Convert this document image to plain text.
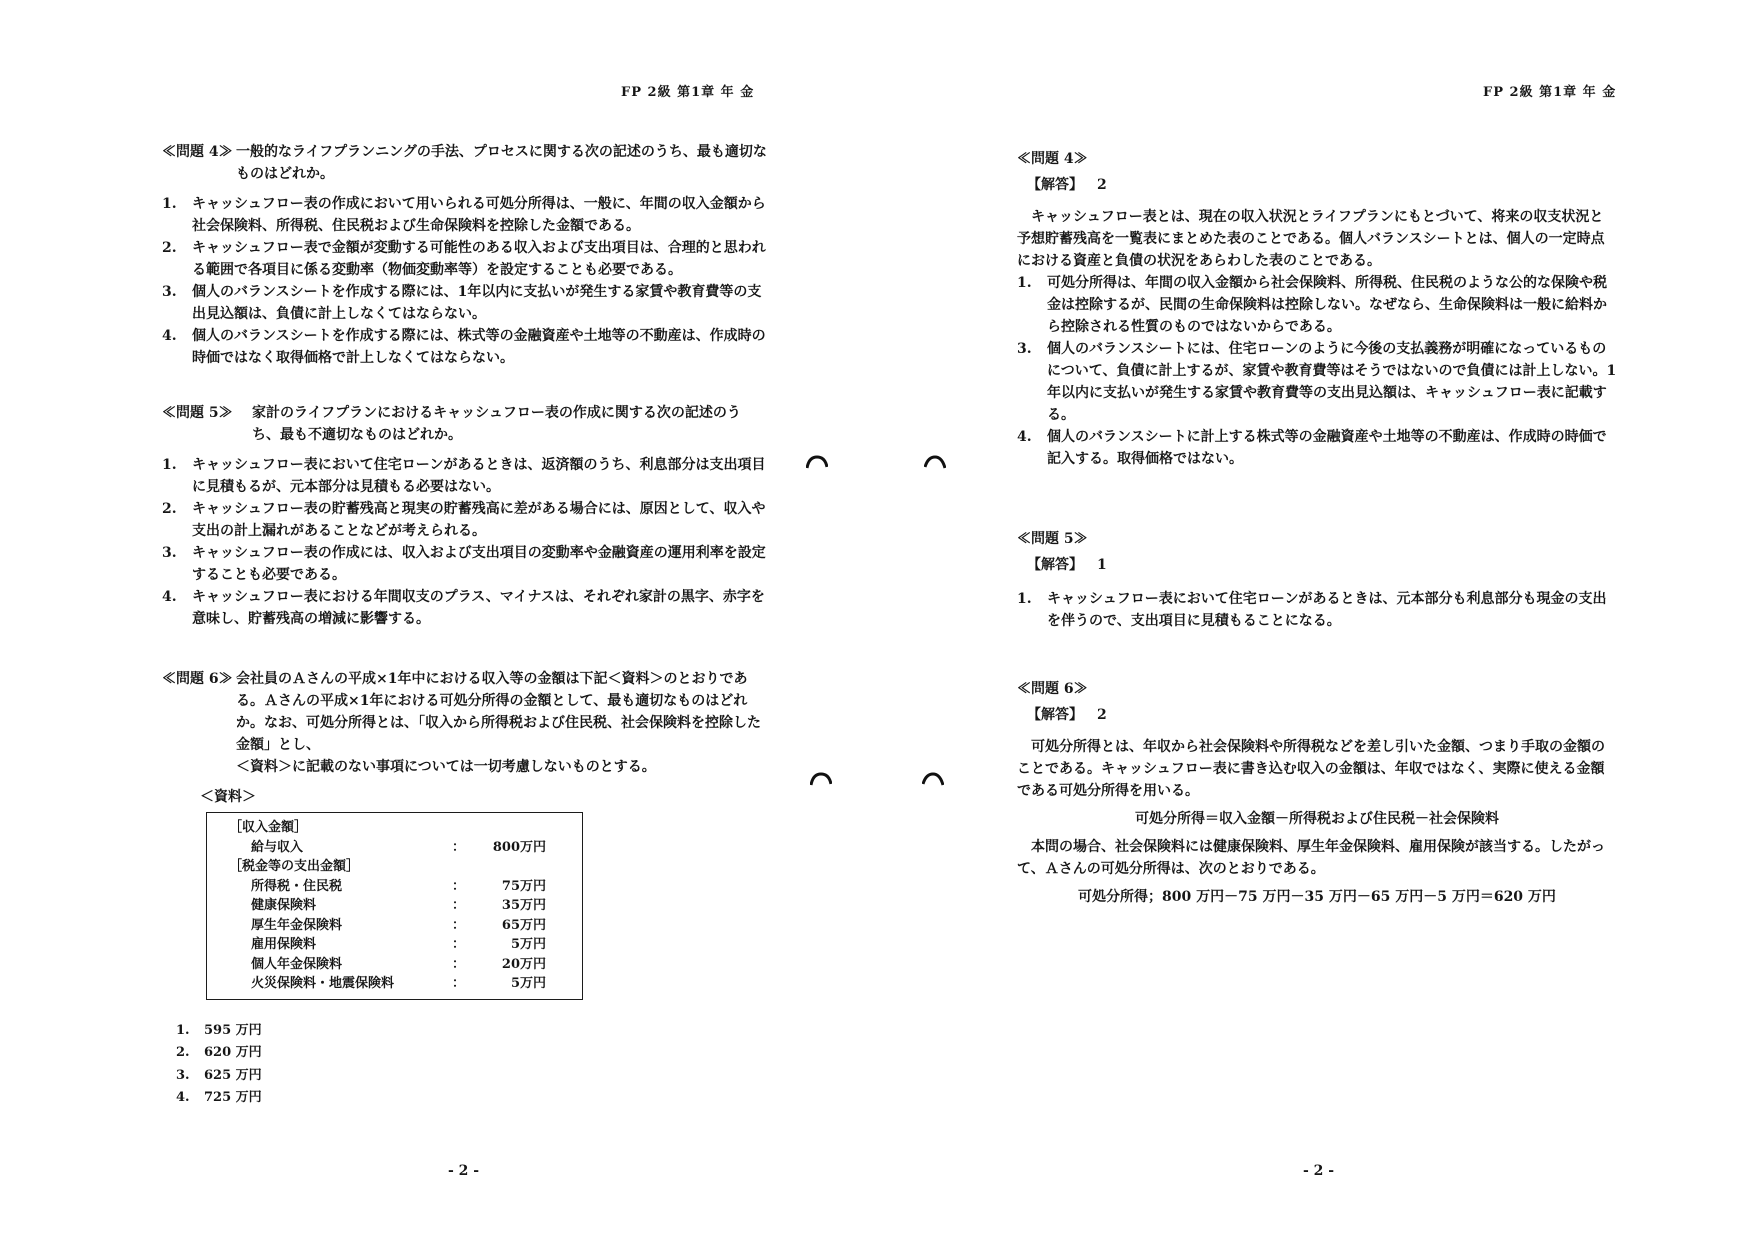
FP 2級 第1章 年 金
≪問題 4≫ 一般的なライフプランニングの手法、プロセスに関する次の記述のうち、最も適切なものはどれか。
1.	キャッシュフロー表の作成において用いられる可処分所得は、一般に、年間の収入金額から社会保険料、所得税、住民税および生命保険料を控除した金額である。
2.	キャッシュフロー表で金額が変動する可能性のある収入および支出項目は、合理的と思われる範囲で各項目に係る変動率（物価変動率等）を設定することも必要である。
3.	個人のバランスシートを作成する際には、1年以内に支払いが発生する家賃や教育費等の支出見込額は、負債に計上しなくてはならない。
4.	個人のバランスシートを作成する際には、株式等の金融資産や土地等の不動産は、作成時の時価ではなく取得価格で計上しなくてはならない。
≪問題 5≫	家計のライフプランにおけるキャッシュフロー表の作成に関する次の記述のうち、最も不適切なものはどれか。
1.	キャッシュフロー表において住宅ローンがあるときは、返済額のうち、利息部分は支出項目に見積もるが、元本部分は見積もる必要はない。
2.	キャッシュフロー表の貯蓄残高と現実の貯蓄残高に差がある場合には、原因として、収入や支出の計上漏れがあることなどが考えられる。
3.	キャッシュフロー表の作成には、収入および支出項目の変動率や金融資産の運用利率を設定することも必要である。
4.	キャッシュフロー表における年間収支のプラス、マイナスは、それぞれ家計の黒字、赤字を意味し、貯蓄残高の増減に影響する。
≪問題 6≫ 会社員のＡさんの平成×1年中における収入等の金額は下記＜資料＞のとおりである。Ａさんの平成×1年における可処分所得の金額として、最も適切なものはどれか。なお、可処分所得とは、「収入から所得税および住民税、社会保険料を控除した金額」とし、
＜資料＞に記載のない事項については一切考慮しないものとする。
＜資料＞
［収入金額］
給与収入	：	800万円
［税金等の支出金額］
所得税・住民税	：	75万円
健康保険料	：	35万円
厚生年金保険料	：	65万円
雇用保険料	：	5万円
個人年金保険料	：	20万円
火災保険料・地震保険料	：	5万円
1.	595 万円
2.	620 万円
3.	625 万円
4.	725 万円
- 2 -
FP 2級 第1章 年 金
≪問題 4≫
【解答】 2
キャッシュフロー表とは、現在の収入状況とライフプランにもとづいて、将来の収支状況と予想貯蓄残高を一覧表にまとめた表のことである。個人バランスシートとは、個人の一定時点における資産と負債の状況をあらわした表のことである。
1.	可処分所得は、年間の収入金額から社会保険料、所得税、住民税のような公的な保険や税金は控除するが、民間の生命保険料は控除しない。なぜなら、生命保険料は一般に給料から控除される性質のものではないからである。
3.	個人のバランスシートには、住宅ローンのように今後の支払義務が明確になっているものについて、負債に計上するが、家賃や教育費等はそうではないので負債には計上しない。1年以内に支払いが発生する家賃や教育費等の支出見込額は、キャッシュフロー表に記載する。
4.	個人のバランスシートに計上する株式等の金融資産や土地等の不動産は、作成時の時価で記入する。取得価格ではない。
≪問題 5≫
【解答】 1
1.	キャッシュフロー表において住宅ローンがあるときは、元本部分も利息部分も現金の支出を伴うので、支出項目に見積もることになる。
≪問題 6≫
【解答】 2
可処分所得とは、年収から社会保険料や所得税などを差し引いた金額、つまり手取の金額のことである。キャッシュフロー表に書き込む収入の金額は、年収ではなく、実際に使える金額である可処分所得を用いる。
可処分所得＝収入金額－所得税および住民税－社会保険料
本問の場合、社会保険料には健康保険料、厚生年金保険料、雇用保険が該当する。したがって、Ａさんの可処分所得は、次のとおりである。
可処分所得；800 万円－75 万円－35 万円－65 万円－5 万円＝620 万円
- 2 -
